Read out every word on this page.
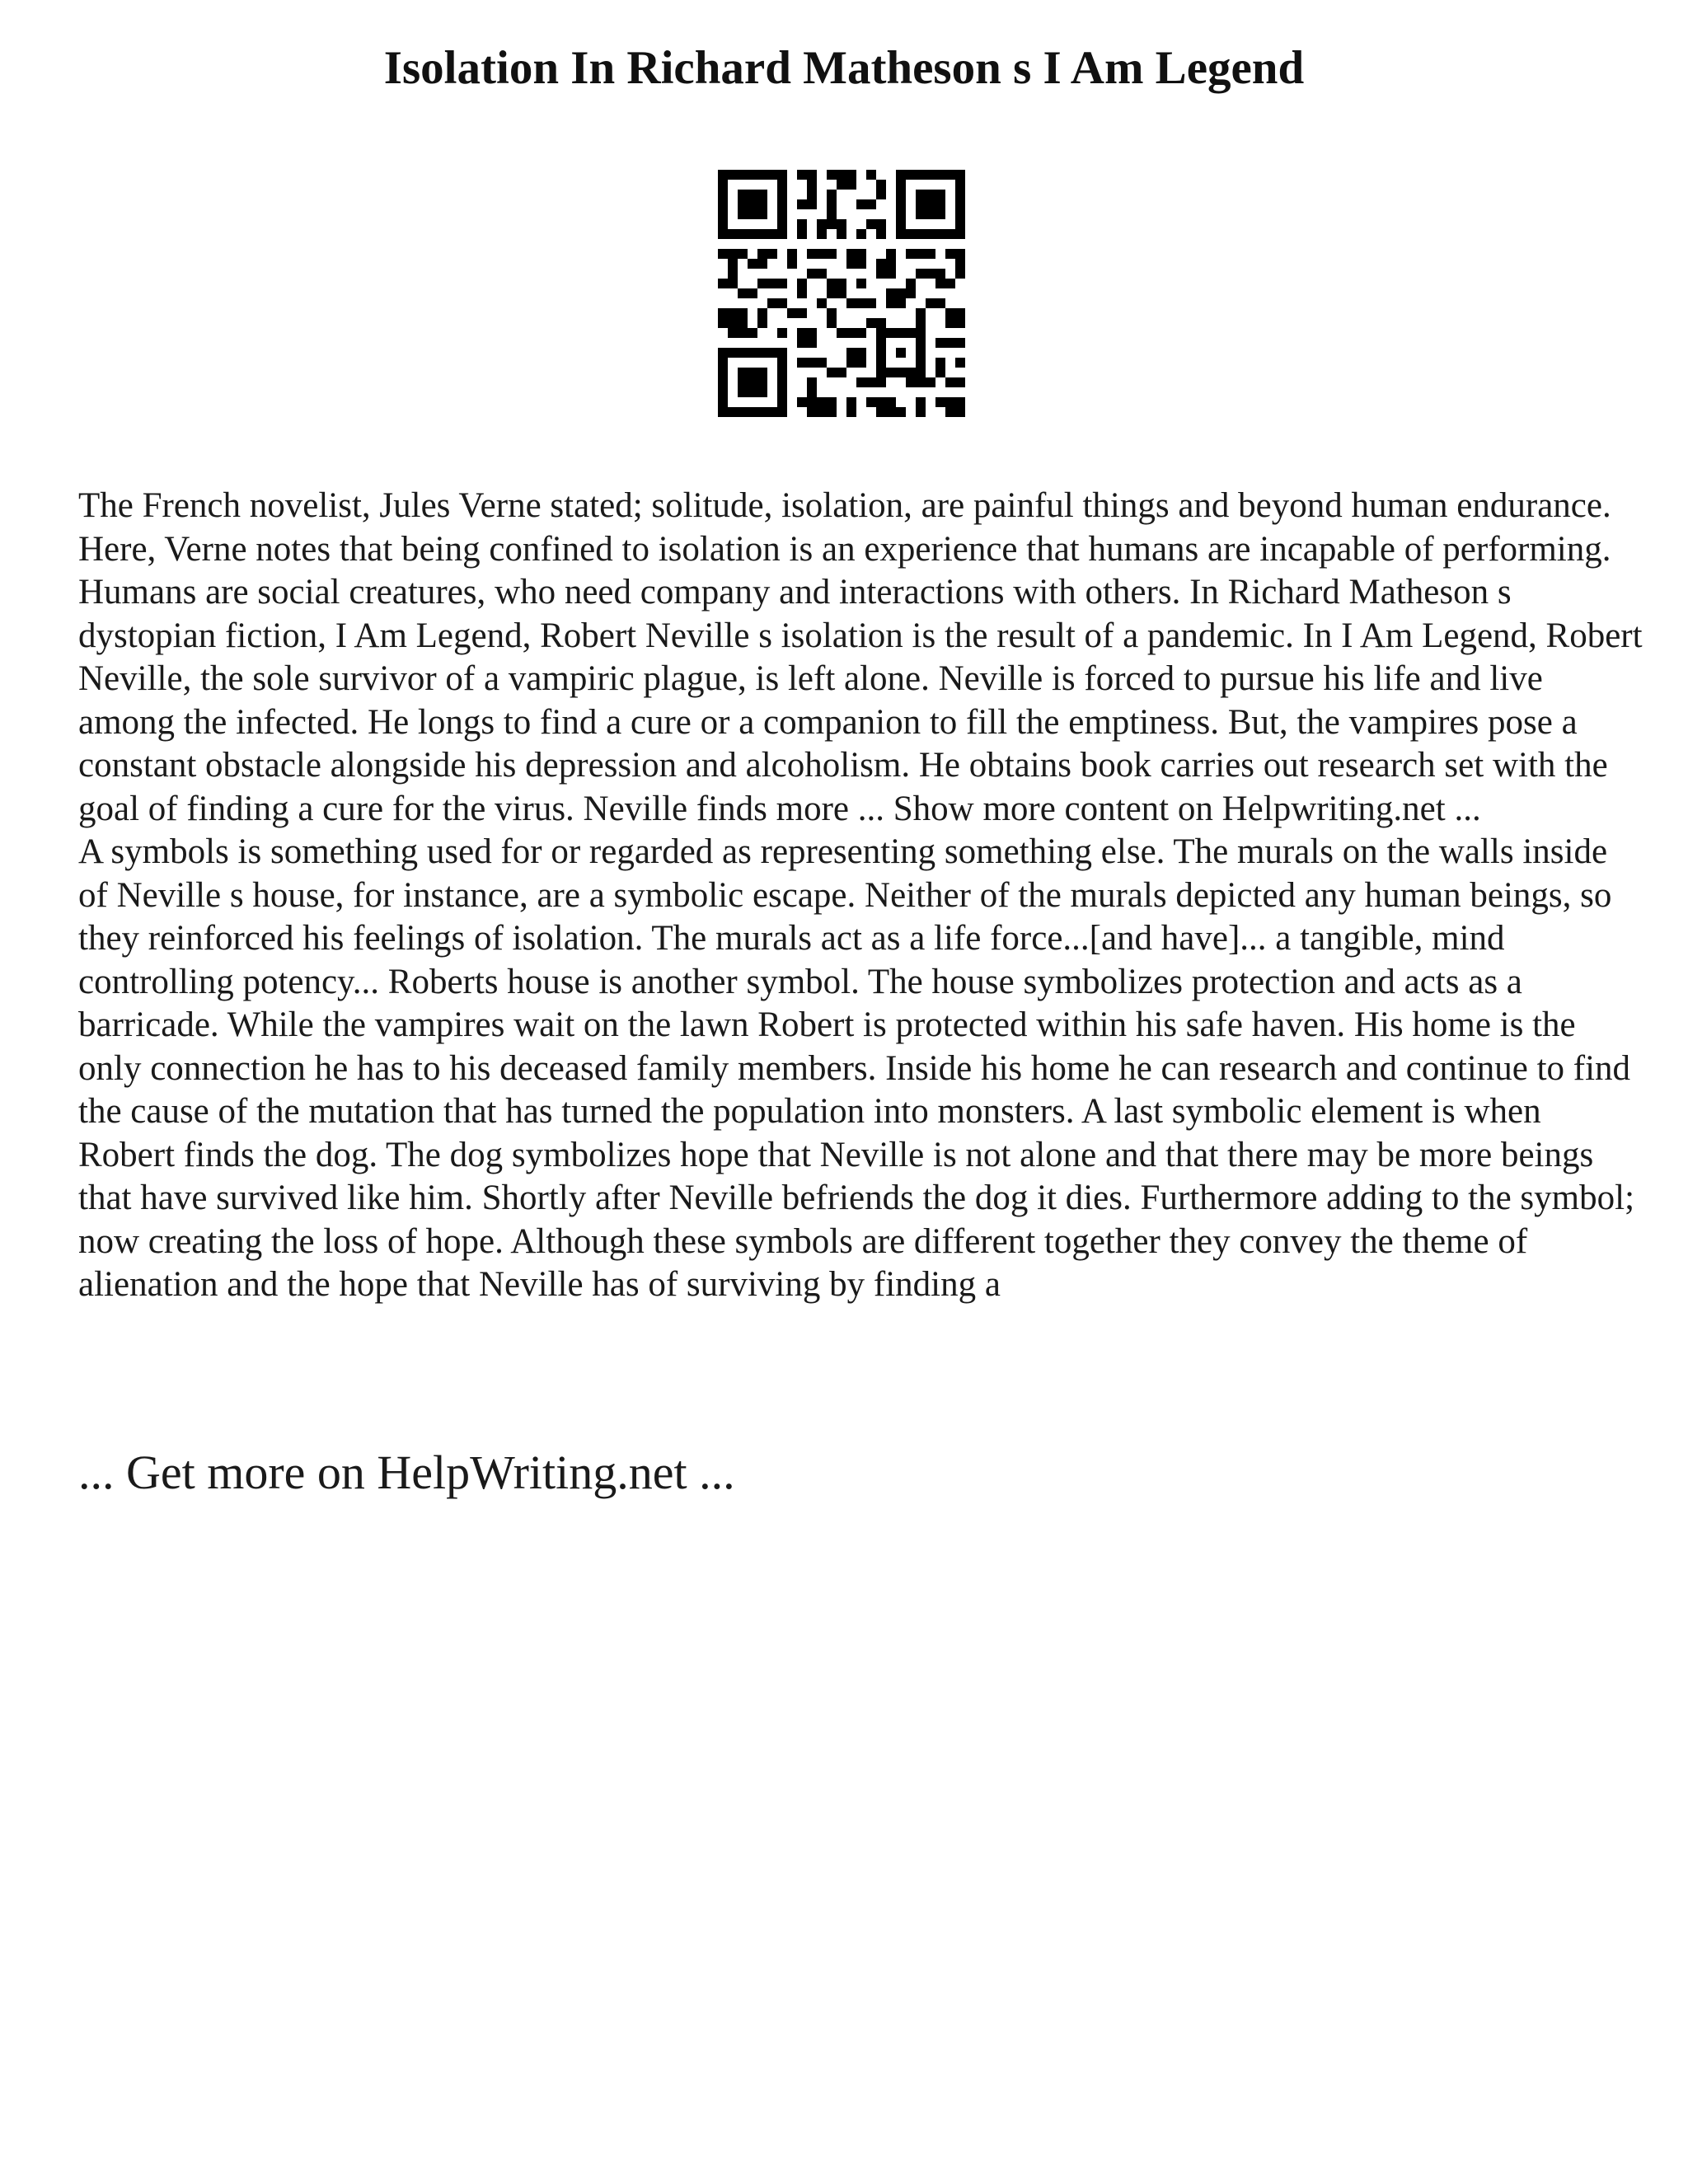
Isolation In Richard Matheson s I Am Legend

The French novelist, Jules Verne stated; solitude, isolation, are painful things and beyond human endurance. Here, Verne notes that being confined to isolation is an experience that humans are incapable of performing. Humans are social creatures, who need company and interactions with others. In Richard Matheson s dystopian fiction, I Am Legend, Robert Neville s isolation is the result of a pandemic. In I Am Legend, Robert Neville, the sole survivor of a vampiric plague, is left alone. Neville is forced to pursue his life and live among the infected. He longs to find a cure or a companion to fill the emptiness. But, the vampires pose a constant obstacle alongside his depression and alcoholism. He obtains book carries out research set with the goal of finding a cure for the virus. Neville finds more ... Show more content on Helpwriting.net ...

A symbols is something used for or regarded as representing something else. The murals on the walls inside of Neville s house, for instance, are a symbolic escape. Neither of the murals depicted any human beings, so they reinforced his feelings of isolation. The murals act as a life force...[and have]... a tangible, mind controlling potency... Roberts house is another symbol. The house symbolizes protection and acts as a barricade. While the vampires wait on the lawn Robert is protected within his safe haven. His home is the only connection he has to his deceased family members. Inside his home he can research and continue to find the cause of the mutation that has turned the population into monsters. A last symbolic element is when Robert finds the dog. The dog symbolizes hope that Neville is not alone and that there may be more beings that have survived like him. Shortly after Neville befriends the dog it dies. Furthermore adding to the symbol; now creating the loss of hope. Although these symbols are different together they convey the theme of alienation and the hope that Neville has of surviving by finding a

... Get more on HelpWriting.net ...
